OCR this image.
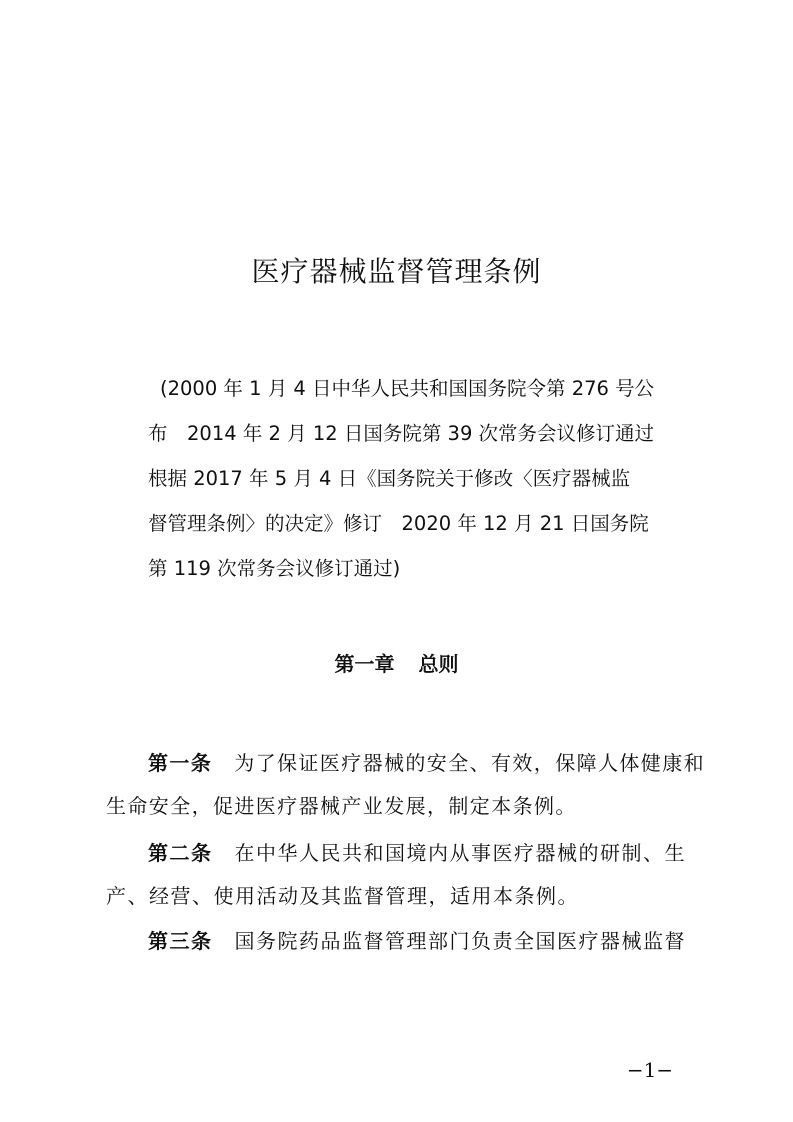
医疗器械监督管理条例
(2000 年 1 月 4 日中华人民共和国国务院令第 276 号公
布　2014 年 2 月 12 日国务院第 39 次常务会议修订通过
根据 2017 年 5 月 4 日《国务院关于修改〈医疗器械监
督管理条例〉的决定》修订　2020 年 12 月 21 日国务院
第 119 次常务会议修订通过)
第一章 总则
第一条 为了保证医疗器械的安全、有效，保障人体健康和
生命安全，促进医疗器械产业发展，制定本条例。
第二条 在中华人民共和国境内从事医疗器械的研制、生
产、经营、使用活动及其监督管理，适用本条例。
第三条 国务院药品监督管理部门负责全国医疗器械监督
−1−
